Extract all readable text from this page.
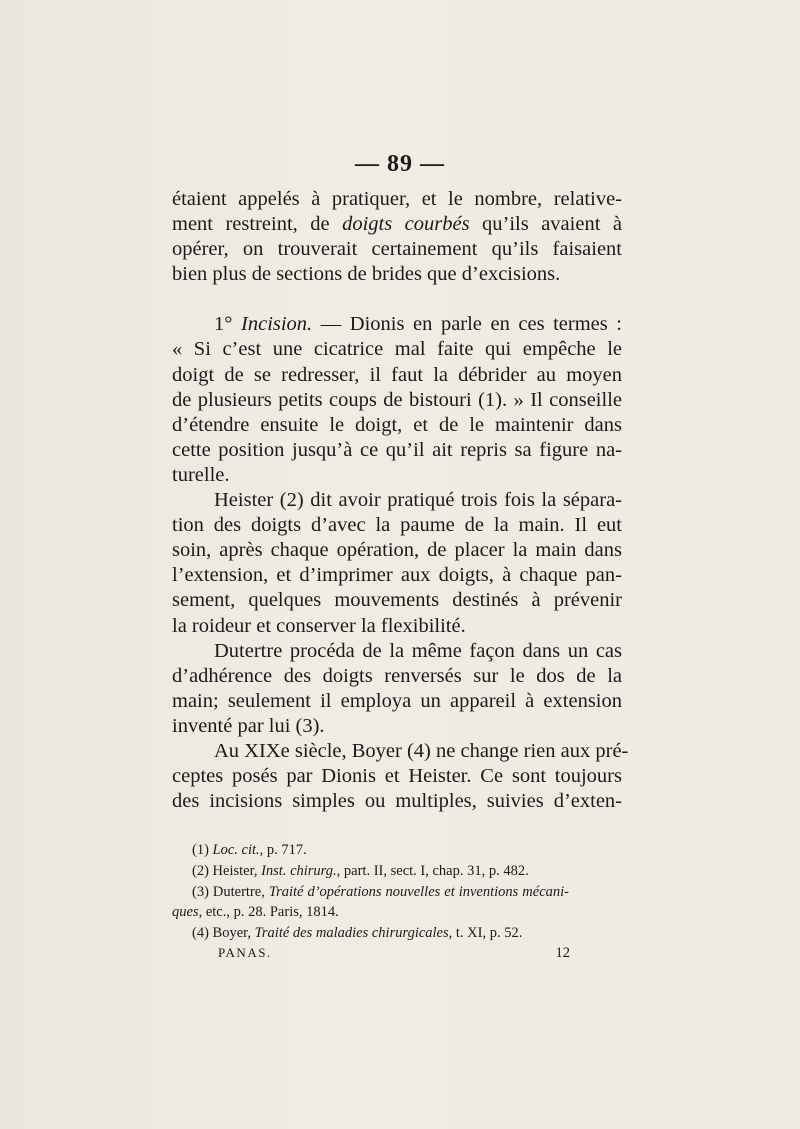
— 89 —

étaient appelés à pratiquer, et le nombre, relative-

ment restreint, de doigts courbés qu’ils avaient à

opérer, on trouverait certainement qu’ils faisaient

bien plus de sections de brides que d’excisions.

1° Incision. — Dionis en parle en ces termes :

« Si c’est une cicatrice mal faite qui empêche le

doigt de se redresser, il faut la débrider au moyen

de plusieurs petits coups de bistouri (1). » Il conseille

d’étendre ensuite le doigt, et de le maintenir dans

cette position jusqu’à ce qu’il ait repris sa figure na-

turelle.

Heister (2) dit avoir pratiqué trois fois la sépara-

tion des doigts d’avec la paume de la main. Il eut

soin, après chaque opération, de placer la main dans

l’extension, et d’imprimer aux doigts, à chaque pan-

sement, quelques mouvements destinés à prévenir

la roideur et conserver la flexibilité.

Dutertre procéda de la même façon dans un cas

d’adhérence des doigts renversés sur le dos de la

main; seulement il employa un appareil à extension

inventé par lui (3).

Au XIXe siècle, Boyer (4) ne change rien aux pré-

ceptes posés par Dionis et Heister. Ce sont toujours

des incisions simples ou multiples, suivies d’exten-

(1) Loc. cit., p. 717.

(2) Heister, Inst. chirurg., part. II, sect. I, chap. 31, p. 482.

(3) Dutertre, Traité d’opérations nouvelles et inventions mécani-

ques, etc., p. 28. Paris, 1814.

(4) Boyer, Traité des maladies chirurgicales, t. XI, p. 52.

PANAS.	12
